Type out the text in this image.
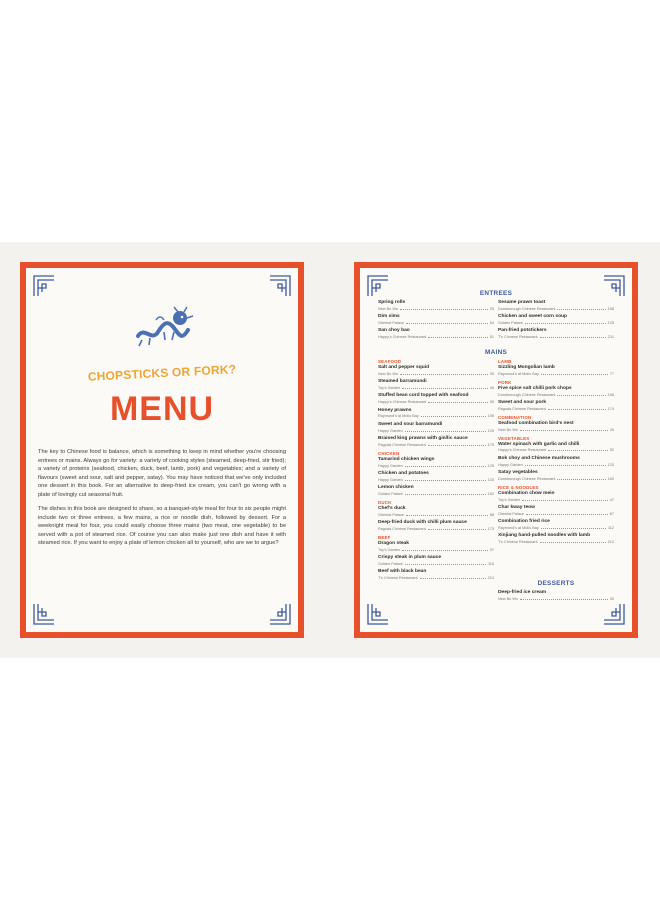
CHOPSTICKS OR FORK?
MENU

The key to Chinese food is balance, which is something to keep in mind whether you're choosing entrees or mains. Always go for variety: a variety of cooking styles (steamed, deep-fried, stir fried); a variety of proteins (seafood, chicken, duck, beef, lamb, pork) and vegetables; and a variety of flavours (sweet and sour, salt and pepper, satay). You may have noticed that we've only included one dessert in this book. For an alternative to deep-fried ice cream, you can't go wrong with a plate of lovingly cut seasonal fruit.

The dishes in this book are designed to share, so a banquet-style meal for four to six people might include two or three entrees, a few mains, a rice or noodle dish, followed by dessert. For a weeknight meal for four, you could easily choose three mains (two meat, one vegetable) to be served with a pot of steamed rice. Of course you can also make just one dish and have it with steamed rice. If you want to enjoy a plate of lemon chicken all to yourself, who are we to argue?

ENTREES
Spring rolls
New Bo Wo	25
Dim sims
Oriental Palace	64
San choy bao
Happy's Chinese Restaurant	51
Sesame prawn toast
Dunsborough Chinese Restaurant	158
Chicken and sweet corn soup
Golden Palace	125
Pan-fried potstickers
T's Chinese Restaurant	211
MAINS
SEAFOOD
Salt and pepper squid
New Bo Wo	35
Steamed barramundi
Toy's Garden	49
Stuffed bean curd topped with seafood
Happy's Chinese Restaurant	55
Honey prawns
Raymond's at Mollo Bay	106
Sweet and sour barramundi
Happy Garden	125
Braised king prawns with gin/lic sauce
Pagoda Chinese Restaurant	175
CHICKEN
Tamarind chicken wings
Happy Garden	125
Chicken and potatoes
Happy Garden	133
Lemon chicken
Golden Palace	152
DUCK
Chef's duck
Oriental Palace	68
Deep-fried duck with chilli plum sauce
Pagoda Chinese Restaurant	173
BEEF
Dragon steak
Toy's Garden	37
Crispy steak in plum sauce
Golden Palace	116
Beef with black bean
T's Chinese Restaurant	213
LAMB
Sizzling Mongolian lamb
Raymond's at Mollo Bay	77
PORK
Five spice salt chilli pork chops
Dunsborough Chinese Restaurant	156
Sweet and sour pork
Pagoda Chinese Restaurant	174
COMBINATION
Seafood combination bird's nest
New Bo Wo	26
VEGETABLES
Water spinach with garlic and chilli
Happy's Chinese Restaurant	52
Bok choy and Chinese mushrooms
Happy Garden	133
Satay vegetables
Dunsborough Chinese Restaurant	160
RICE & NOODLES
Combination chow mein
Toy's Garden	47
Char kway teow
Oriental Palace	67
Combination fried rice
Raymond's at Mollo Bay	112
Xinjiang hand-pulled noodles with lamb
T's Chinese Restaurant	212
DESSERTS
Deep-fried ice cream
New Bo Wo	30
